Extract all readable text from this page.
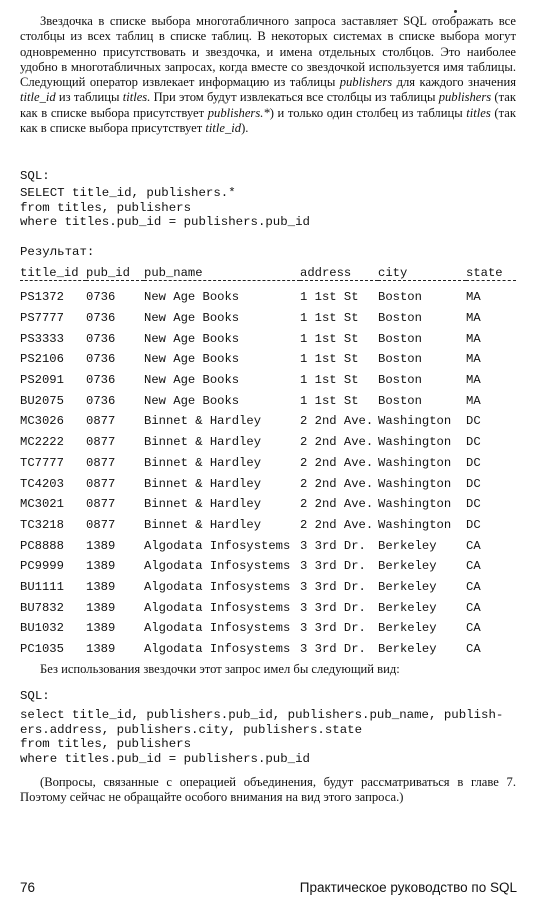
Звездочка в списке выбора многотабличного запроса заставляет SQL отображать все столбцы из всех таблиц в списке таблиц. В некоторых системах в списке выбора могут одновременно присутствовать и звездочка, и имена отдельных столбцов. Это наиболее удобно в многотабличных запросах, когда вместе со звездочкой используется имя таблицы. Следующий оператор извлекает информацию из таблицы publishers для каждого значения title_id из таблицы titles. При этом будут извлекаться все столбцы из таблицы publishers (так как в списке выбора присутствует publishers.*) и только один столбец из таблицы titles (так как в списке выбора присутствует title_id).

SQL:
SELECT title_id, publishers.*
from titles, publishers
where titles.pub_id = publishers.pub_id
Результат:
title_id	pub_id	pub_name	address	city	state

PS1372	0736	New Age Books	1 1st St	Boston	MA
PS7777	0736	New Age Books	1 1st St	Boston	MA
PS3333	0736	New Age Books	1 1st St	Boston	MA
PS2106	0736	New Age Books	1 1st St	Boston	MA
PS2091	0736	New Age Books	1 1st St	Boston	MA
BU2075	0736	New Age Books	1 1st St	Boston	MA
MC3026	0877	Binnet & Hardley	2 2nd Ave.	Washington	DC
MC2222	0877	Binnet & Hardley	2 2nd Ave.	Washington	DC
TC7777	0877	Binnet & Hardley	2 2nd Ave.	Washington	DC
TC4203	0877	Binnet & Hardley	2 2nd Ave.	Washington	DC
MC3021	0877	Binnet & Hardley	2 2nd Ave.	Washington	DC
TC3218	0877	Binnet & Hardley	2 2nd Ave.	Washington	DC
PC8888	1389	Algodata Infosystems	3 3rd Dr.	Berkeley	CA
PC9999	1389	Algodata Infosystems	3 3rd Dr.	Berkeley	CA
BU1111	1389	Algodata Infosystems	3 3rd Dr.	Berkeley	CA
BU7832	1389	Algodata Infosystems	3 3rd Dr.	Berkeley	CA
BU1032	1389	Algodata Infosystems	3 3rd Dr.	Berkeley	CA
PC1035	1389	Algodata Infosystems	3 3rd Dr.	Berkeley	CA

Без использования звездочки этот запрос имел бы следующий вид:

SQL:
select title_id, publishers.pub_id, publishers.pub_name, publish-
ers.address, publishers.city, publishers.state
from titles, publishers
where titles.pub_id = publishers.pub_id

(Вопросы, связанные с операцией объединения, будут рассматриваться в главе 7. Поэтому сейчас не обращайте особого внимания на вид этого запроса.)

76	Практическое руководство по SQL
